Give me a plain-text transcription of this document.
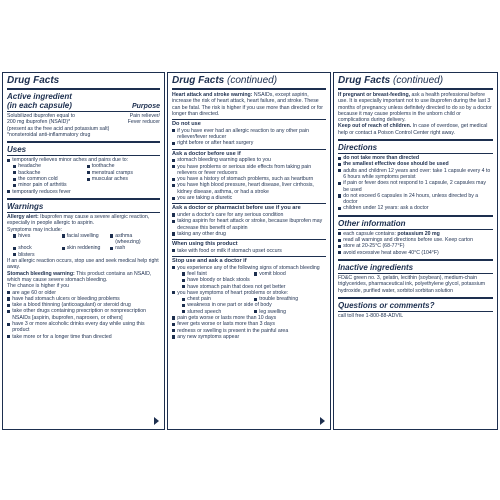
Drug Facts
Active ingredient
(in each capsule)	Purpose
Solubilized ibuprofen equal to	Pain reliever/
200 mg ibuprofen (NSAID)*	Fever reducer
(present as the free acid and potassium salt)
*nonsteroidal anti-inflammatory drug
Uses
temporarily relieves minor aches and pains due to:
headache	toothache
backache	menstrual cramps
the common cold	muscular aches
minor pain of arthritis
temporarily reduces fever
Warnings

Allergy alert: Ibuprofen may cause a severe allergic reaction, especially in people allergic to aspirin.

Symptoms may include:

hives	facial swelling	asthma (wheezing)
shock	skin reddening	rash
blisters

If an allergic reaction occurs, stop use and seek medical help right away.

Stomach bleeding warning: This product contains an NSAID, which may cause severe stomach bleeding.

The chance is higher if you

are age 60 or older
have had stomach ulcers or bleeding problems
take a blood thinning (anticoagulant) or steroid drug
take other drugs containing prescription or nonprescription NSAIDs [aspirin, ibuprofen, naproxen, or others]
have 3 or more alcoholic drinks every day while using this product
take more or for a longer time than directed
Drug Facts (continued)

Heart attack and stroke warning: NSAIDs, except aspirin, increase the risk of heart attack, heart failure, and stroke. These can be fatal. The risk is higher if you use more than directed or for longer than directed.

Do not use
if you have ever had an allergic reaction to any other pain reliever/fever reducer
right before or after heart surgery
Ask a doctor before use if
stomach bleeding warning applies to you
you have problems or serious side effects from taking pain relievers or fever reducers
you have a history of stomach problems, such as heartburn
you have high blood pressure, heart disease, liver cirrhosis, kidney disease, asthma, or had a stroke
you are taking a diuretic
Ask a doctor or pharmacist before use if you are
under a doctor's care for any serious condition
taking aspirin for heart attack or stroke, because ibuprofen may decrease this benefit of aspirin
taking any other drug
When using this product
take with food or milk if stomach upset occurs
Stop use and ask a doctor if
you experience any of the following signs of stomach bleeding
feel faint	vomit blood
have bloody or black stools
have stomach pain that does not get better
you have symptoms of heart problems or stroke:
chest pain	trouble breathing
weakness in one part or side of body
slurred speech	leg swelling
pain gets worse or lasts more than 10 days
fever gets worse or lasts more than 3 days
redness or swelling is present in the painful area
any new symptoms appear
Drug Facts (continued)

If pregnant or breast-feeding, ask a health professional before use. It is especially important not to use ibuprofen during the last 3 months of pregnancy unless definitely directed to do so by a doctor because it may cause problems in the unborn child or complications during delivery.

Keep out of reach of children. In case of overdose, get medical help or contact a Poison Control Center right away.

Directions
do not take more than directed
the smallest effective dose should be used
adults and children 12 years and over: take 1 capsule every 4 to 6 hours while symptoms persist
if pain or fever does not respond to 1 capsule, 2 capsules may be used
do not exceed 6 capsules in 24 hours, unless directed by a doctor
children under 12 years: ask a doctor
Other information
each capsule contains: potassium 20 mg
read all warnings and directions before use. Keep carton
store at 20-25°C (68-77°F)
avoid excessive heat above 40°C (104°F)
Inactive ingredients

FD&C green no. 3, gelatin, lecithin (soybean), medium-chain triglycerides, pharmaceutical ink, polyethylene glycol, potassium hydroxide, purified water, sorbitol sorbitan solution

Questions or comments?

call toll free 1-800-88-ADVIL
